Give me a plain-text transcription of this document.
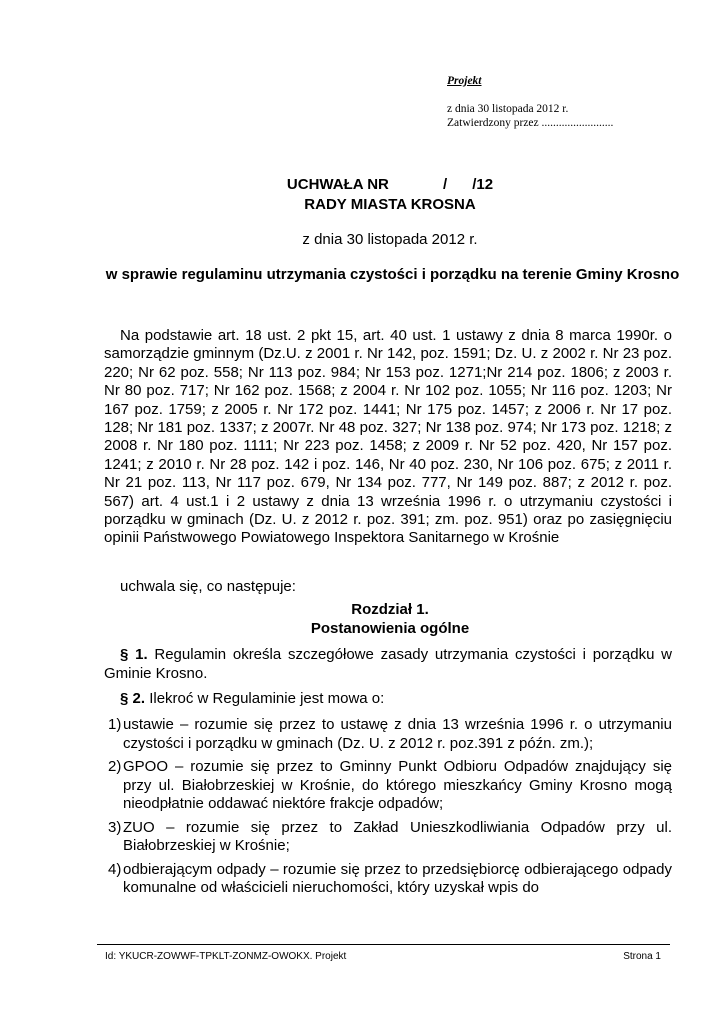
Projekt
z dnia 30 listopada 2012 r.
Zatwierdzony przez .........................
UCHWAŁA NR             /      /12
RADY MIASTA KROSNA
z dnia 30 listopada 2012 r.
w sprawie regulaminu utrzymania czystości i porządku na terenie Gminy Krosno
Na podstawie art. 18 ust. 2 pkt 15, art. 40 ust. 1 ustawy z dnia 8 marca 1990r. o samorządzie gminnym (Dz.U. z 2001 r. Nr 142, poz. 1591; Dz. U. z 2002 r. Nr 23 poz. 220; Nr 62 poz. 558; Nr 113 poz. 984; Nr 153 poz. 1271;Nr 214 poz. 1806; z 2003 r. Nr 80 poz. 717; Nr 162 poz. 1568; z 2004 r. Nr 102 poz. 1055; Nr 116 poz. 1203; Nr 167 poz. 1759; z 2005 r. Nr 172 poz. 1441; Nr 175 poz. 1457; z 2006 r. Nr 17 poz. 128; Nr 181 poz. 1337; z 2007r. Nr 48 poz. 327; Nr 138 poz. 974; Nr 173 poz. 1218; z 2008 r. Nr 180 poz. 1111; Nr 223 poz. 1458; z 2009 r. Nr 52 poz. 420, Nr 157 poz. 1241; z 2010 r. Nr 28 poz. 142 i poz. 146, Nr 40 poz. 230, Nr 106 poz. 675; z 2011 r. Nr 21 poz. 113, Nr 117 poz. 679, Nr 134 poz. 777, Nr 149 poz. 887; z 2012 r. poz. 567) art. 4 ust.1 i 2 ustawy z dnia 13 września 1996 r. o utrzymaniu czystości i porządku w gminach (Dz. U. z 2012 r. poz. 391; zm. poz. 951) oraz po zasięgnięciu opinii Państwowego Powiatowego Inspektora Sanitarnego w Krośnie
uchwala się, co następuje:
Rozdział 1.
Postanowienia ogólne
§ 1. Regulamin określa szczegółowe zasady utrzymania czystości i porządku w Gminie Krosno.
§ 2. Ilekroć w Regulaminie jest mowa o:
1) ustawie – rozumie się przez to ustawę z dnia 13 września 1996 r. o utrzymaniu czystości i porządku w gminach (Dz. U. z 2012 r. poz.391 z późn. zm.);
2) GPOO – rozumie się przez to Gminny Punkt Odbioru Odpadów znajdujący się przy ul. Białobrzeskiej w Krośnie, do którego mieszkańcy Gminy Krosno mogą nieodpłatnie oddawać niektóre frakcje odpadów;
3) ZUO – rozumie się przez to Zakład Unieszkodliwiania Odpadów przy ul. Białobrzeskiej w Krośnie;
4) odbierającym odpady – rozumie się przez to przedsiębiorcę odbierającego odpady komunalne od właścicieli nieruchomości, który uzyskał wpis do
Id: YKUCR-ZOWWF-TPKLT-ZONMZ-OWOKX. Projekt	Strona 1
